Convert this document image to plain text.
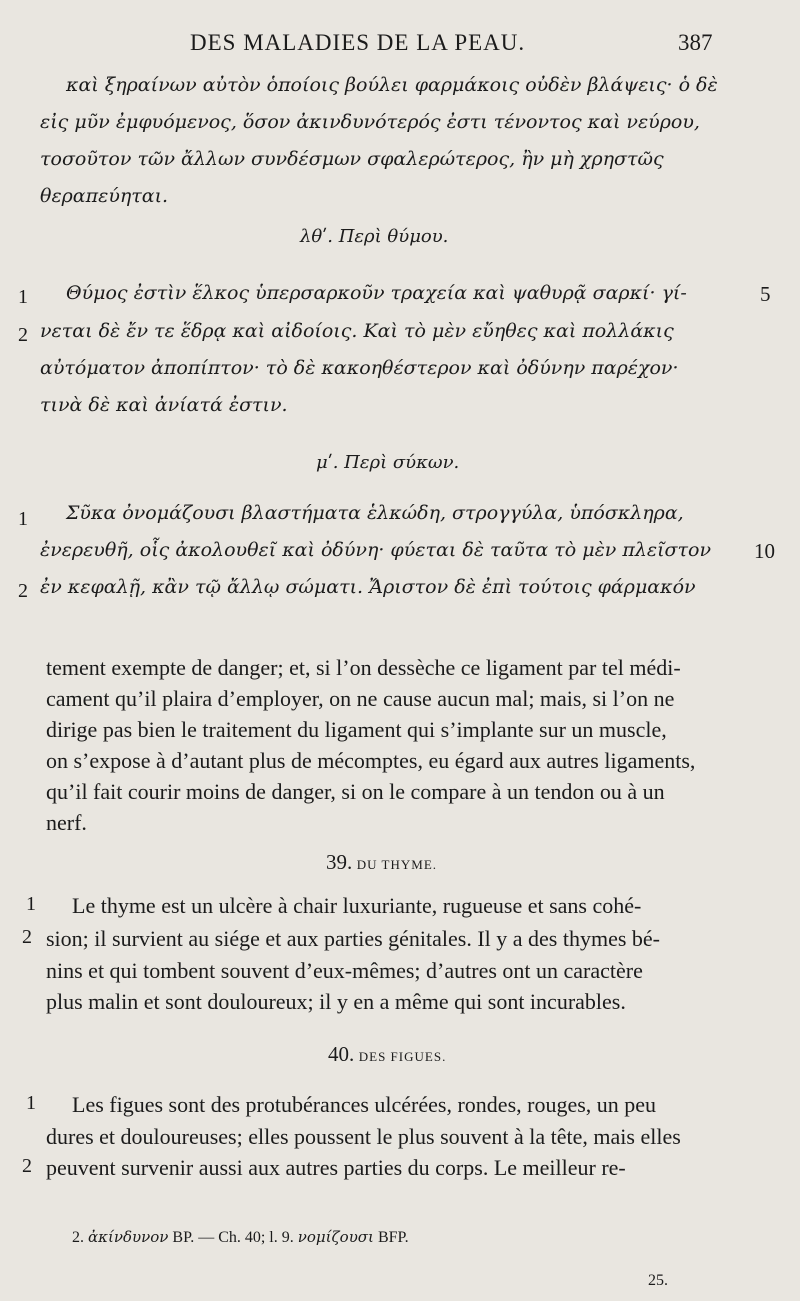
DES MALADIES DE LA PEAU.	387
καὶ ξηραίνων αὐτὸν ὁποίοις βούλει φαρμάκοις οὐδὲν βλάψεις· ὁ δὲ
εἰς μῦν ἐμφυόμενος, ὅσον ἀκινδυνότερός ἐστι τένοντος καὶ νεύρου,
τοσοῦτον τῶν ἄλλων συνδέσμων σφαλερώτερος, ἢν μὴ χρηστῶς
θεραπεύηται.
λθʹ. Περὶ θύμου.
1 Θύμος ἐστὶν ἕλκος ὑπερσαρκοῦν τραχεία καὶ ψαθυρᾷ σαρκί· γί-	5
2 νεται δὲ ἔν τε ἕδρᾳ καὶ αἰδοίοις. Καὶ τὸ μὲν εὔηθες καὶ πολλάκις
αὐτόματον ἀποπίπτον· τὸ δὲ κακοηθέστερον καὶ ὀδύνην παρέχον·
τινὰ δὲ καὶ ἀνίατά ἐστιν.
μʹ. Περὶ σύκων.
1 Σῦκα ὀνομάζουσι βλαστήματα ἑλκώδη, στρογγύλα, ὑπόσκληρα,
ἐνερευθῆ, οἷς ἀκολουθεῖ καὶ ὀδύνη· φύεται δὲ ταῦτα τὸ μὲν πλεῖστον 10
2 ἐν κεφαλῇ, κἂν τῷ ἄλλῳ σώματι. Ἄριστον δὲ ἐπὶ τούτοις φάρμακόν
tement exempte de danger; et, si l’on dessèche ce ligament par tel médi-
cament qu’il plaira d’employer, on ne cause aucun mal; mais, si l’on ne
dirige pas bien le traitement du ligament qui s’implante sur un muscle,
on s’expose à d’autant plus de mécomptes, eu égard aux autres ligaments,
qu’il fait courir moins de danger, si on le compare à un tendon ou à un
nerf.
39. DU THYME.
1 Le thyme est un ulcère à chair luxuriante, rugueuse et sans cohé-
2 sion; il survient au siége et aux parties génitales. Il y a des thymes bé-
nins et qui tombent souvent d’eux-mêmes; d’autres ont un caractère
plus malin et sont douloureux; il y en a même qui sont incurables.
40. DES FIGUES.
1 Les figues sont des protubérances ulcérées, rondes, rouges, un peu
dures et douloureuses; elles poussent le plus souvent à la tête, mais elles
2 peuvent survenir aussi aux autres parties du corps. Le meilleur re-
2. ἀκίνδυνον BP. — Ch. 40; l. 9. νομίζουσι BFP.
25.
